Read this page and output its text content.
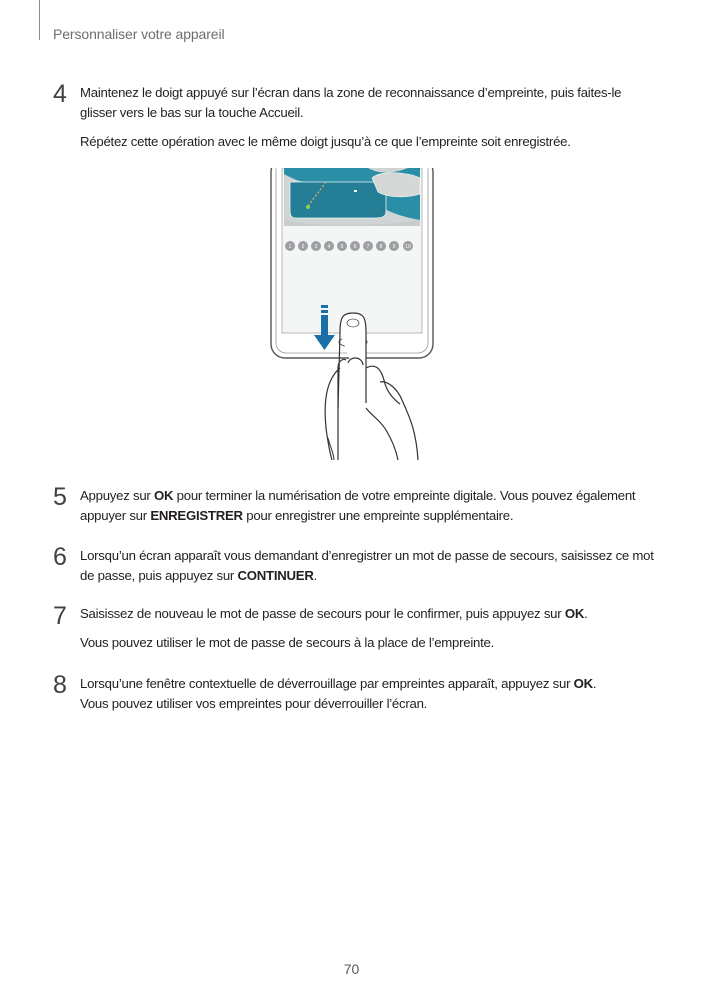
Personnaliser votre appareil
4 Maintenez le doigt appuyé sur l’écran dans la zone de reconnaissance d’empreinte, puis faites-le glisser vers le bas sur la touche Accueil.

Répétez cette opération avec le même doigt jusqu’à ce que l’empreinte soit enregistrée.

1 2 3 4 5 6 7 8 9 10
5 Appuyez sur OK pour terminer la numérisation de votre empreinte digitale. Vous pouvez également appuyer sur ENREGISTRER pour enregistrer une empreinte supplémentaire.

6 Lorsqu’un écran apparaît vous demandant d’enregistrer un mot de passe de secours, saisissez ce mot de passe, puis appuyez sur CONTINUER.

7 Saisissez de nouveau le mot de passe de secours pour le confirmer, puis appuyez sur OK.

Vous pouvez utiliser le mot de passe de secours à la place de l’empreinte.

8 Lorsqu’une fenêtre contextuelle de déverrouillage par empreintes apparaît, appuyez sur OK.

Vous pouvez utiliser vos empreintes pour déverrouiller l’écran.

70
